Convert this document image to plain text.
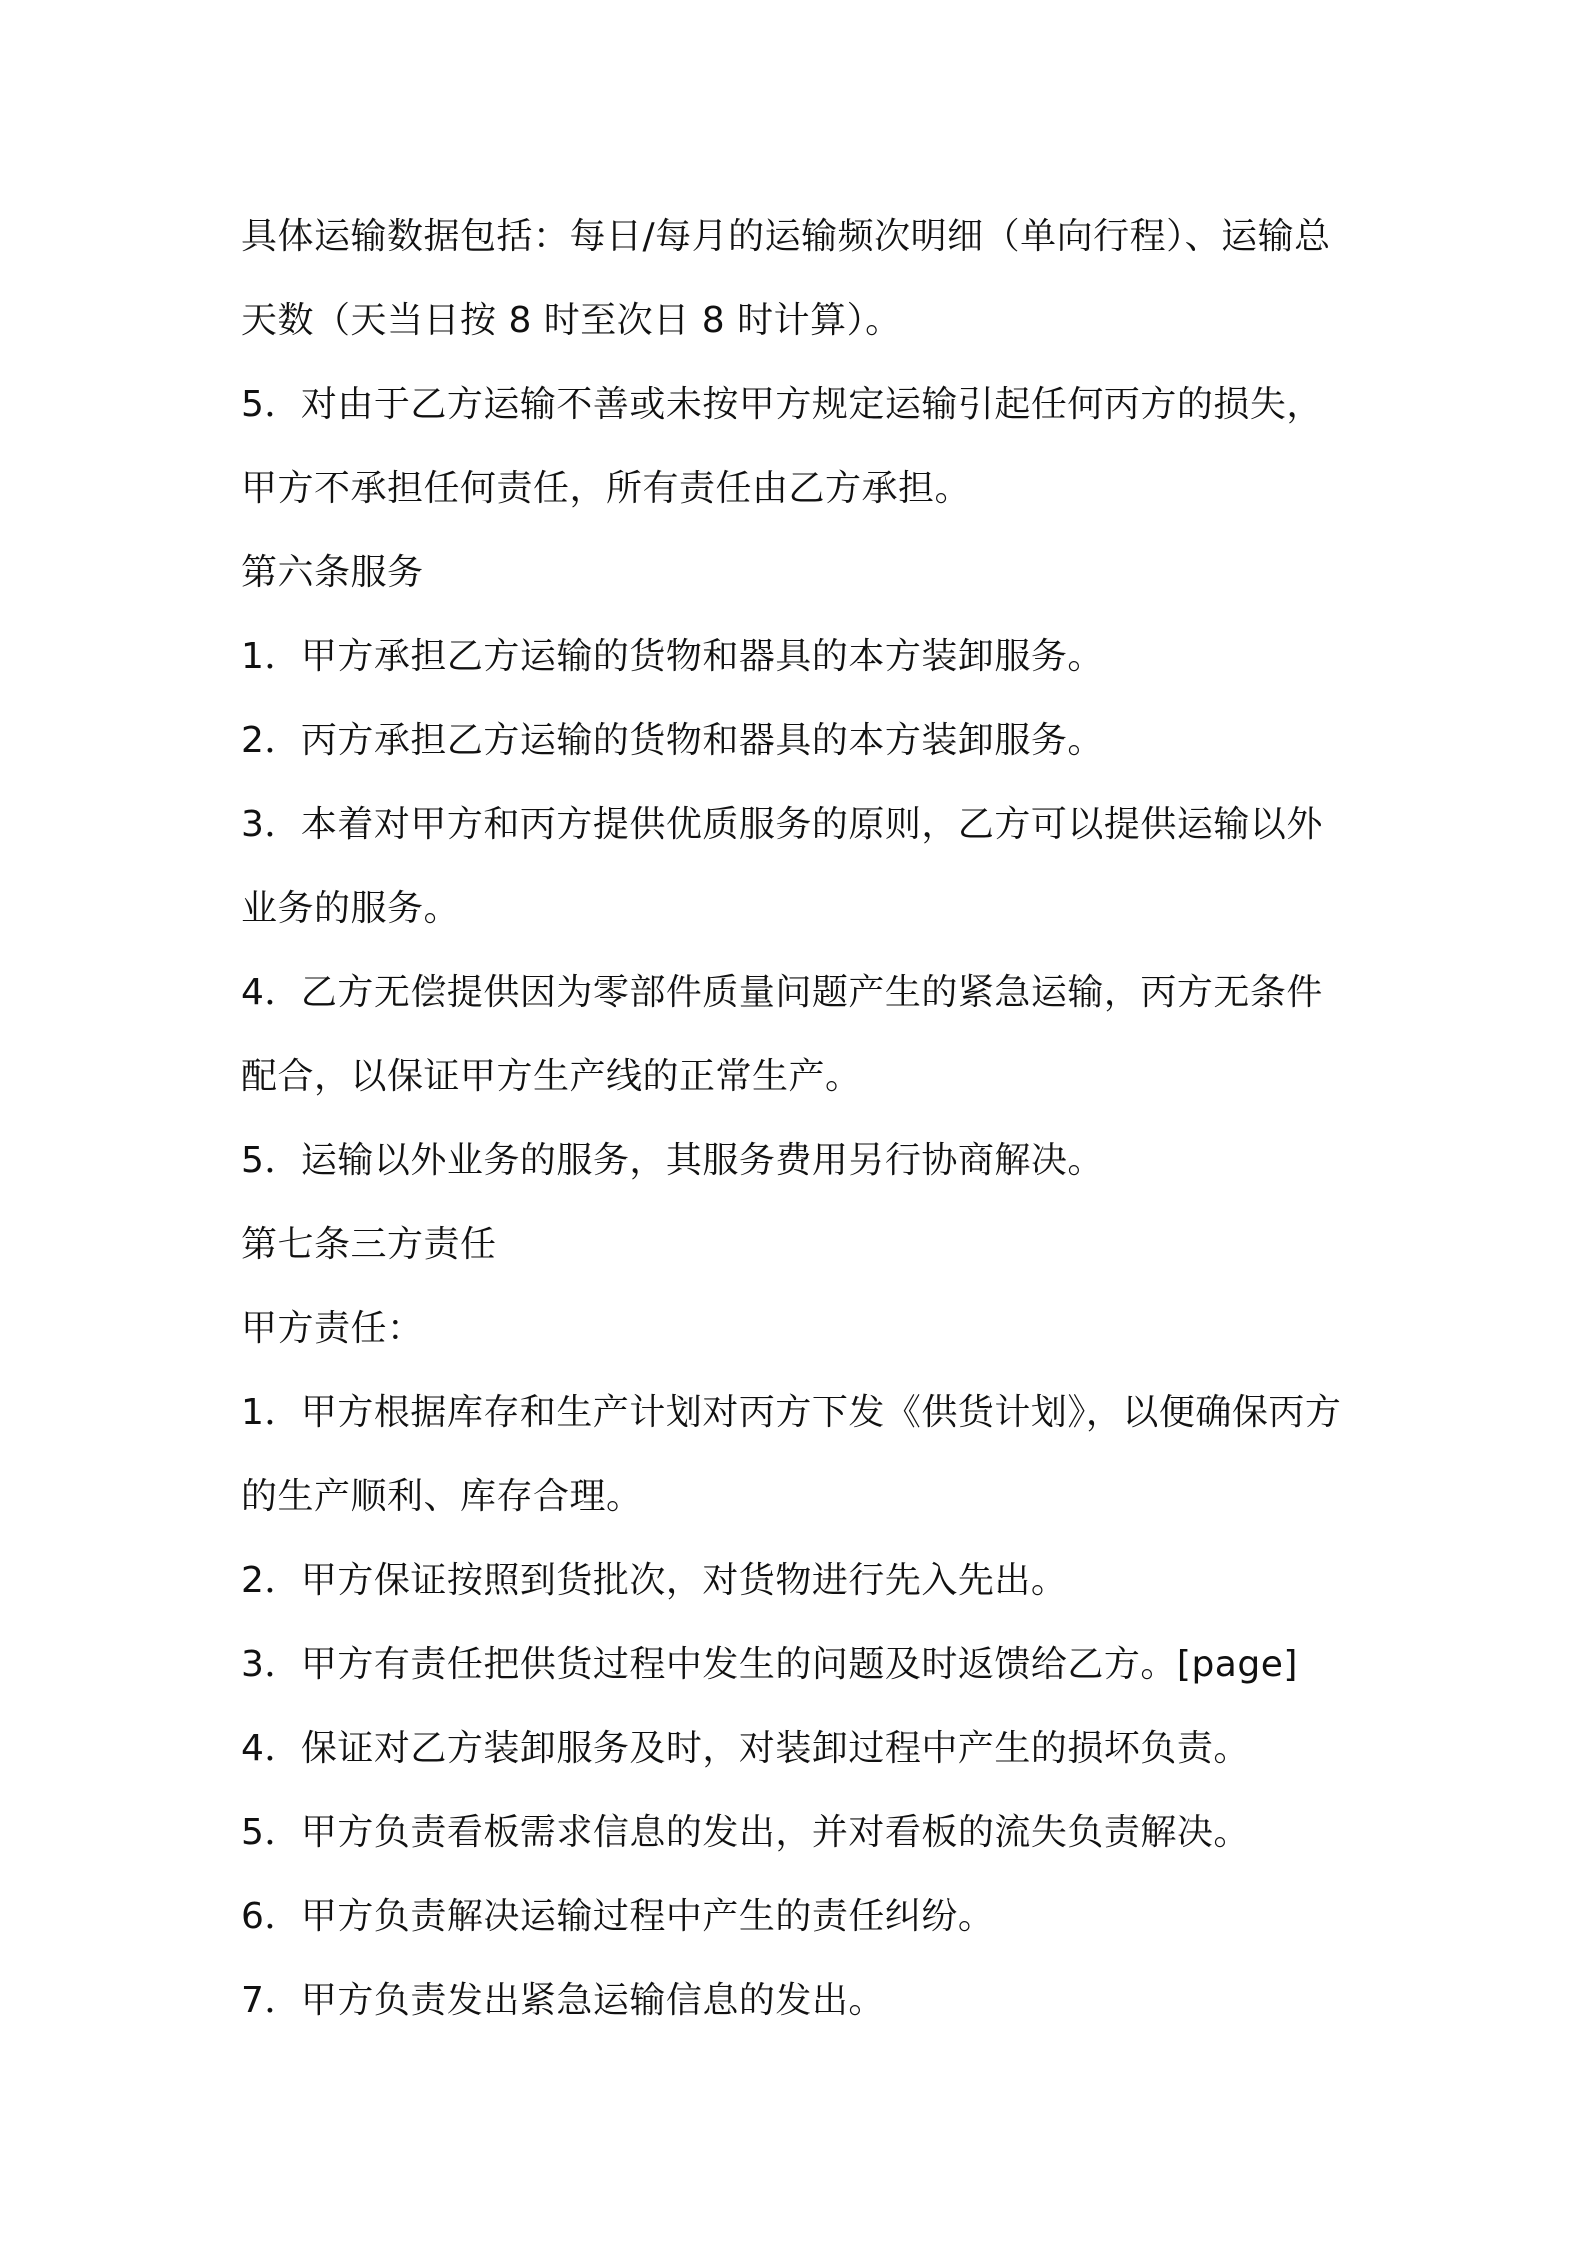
具体运输数据包括：每日/每月的运输频次明细（单向行程）、运输总
天数（天当日按 8 时至次日 8 时计算）。
5．对由于乙方运输不善或未按甲方规定运输引起任何丙方的损失，
甲方不承担任何责任，所有责任由乙方承担。
第六条服务
1．甲方承担乙方运输的货物和器具的本方装卸服务。
2．丙方承担乙方运输的货物和器具的本方装卸服务。
3．本着对甲方和丙方提供优质服务的原则，乙方可以提供运输以外
业务的服务。
4．乙方无偿提供因为零部件质量问题产生的紧急运输，丙方无条件
配合，以保证甲方生产线的正常生产。
5．运输以外业务的服务，其服务费用另行协商解决。
第七条三方责任
甲方责任：
1．甲方根据库存和生产计划对丙方下发《供货计划》，以便确保丙方
的生产顺利、库存合理。
2．甲方保证按照到货批次，对货物进行先入先出。
3．甲方有责任把供货过程中发生的问题及时返馈给乙方。[page]
4．保证对乙方装卸服务及时，对装卸过程中产生的损坏负责。
5．甲方负责看板需求信息的发出，并对看板的流失负责解决。
6．甲方负责解决运输过程中产生的责任纠纷。
7．甲方负责发出紧急运输信息的发出。
